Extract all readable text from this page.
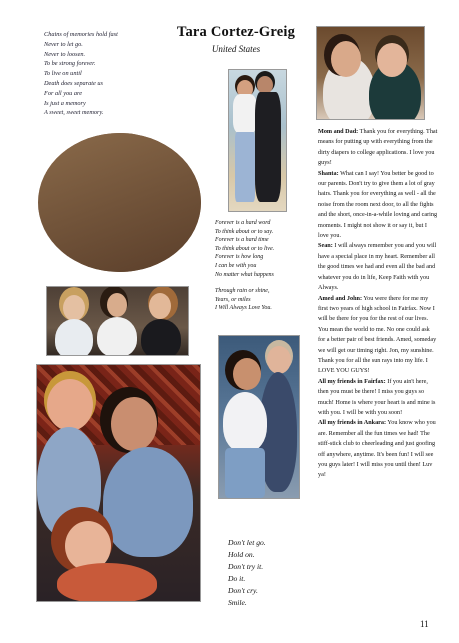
Chains of memories hold fast
Never to let go.
Never to loosen.
To be strong forever.
To live on until
Death does separate us
For all you are
Is just a memory
A sweet, sweet memory.
Tara Cortez-Greig
United States
Forever is a hard word
To think about or to say.
Forever is a hard time
To think about or to live.
Forever is how long
I can be with you
No matter what happens
Through rain or shine,
Years, or miles
I Will Always Love You.
Don't let go.
Hold on.
Don't try it.
Do it.
Don't cry.
Smile.
Mom and Dad: Thank you for everything. That means for putting up with everything from the dirty diapers to college applications. I love you guys!
Shanta: What can I say! You better be good to our parents. Don't try to give them a lot of gray hairs. Thank you for everything as well - all the noise from the room next door, to all the fights and the short, once-in-a-while loving and caring moments. I might not show it or say it, but I love you.
Sean: I will always remember you and you will have a special place in my heart. Remember all the good times we had and even all the bad and whatever you do in life, Keep Faith with you Always.
Amed and John: You were there for me my first two years of high school in Fairfax. Now I will be there for you for the rest of our lives. You mean the world to me. No one could ask for a better pair of best friends. Amed, someday we will get our timing right. Jon, my sunshine. Thank you for all the sun rays into my life. I LOVE YOU GUYS!
All my friends in Fairfax: If you ain't here, then you must be there! I miss you guys so much! Home is where your heart is and mine is with you. I will be with you soon!
All my friends in Ankara: You know who you are. Remember all the fun times we had! The stiff-stick club to cheerleading and just goofing off anywhere, anytime. It's been fun! I will see you guys later! I will miss you until then! Luv ya!
11
